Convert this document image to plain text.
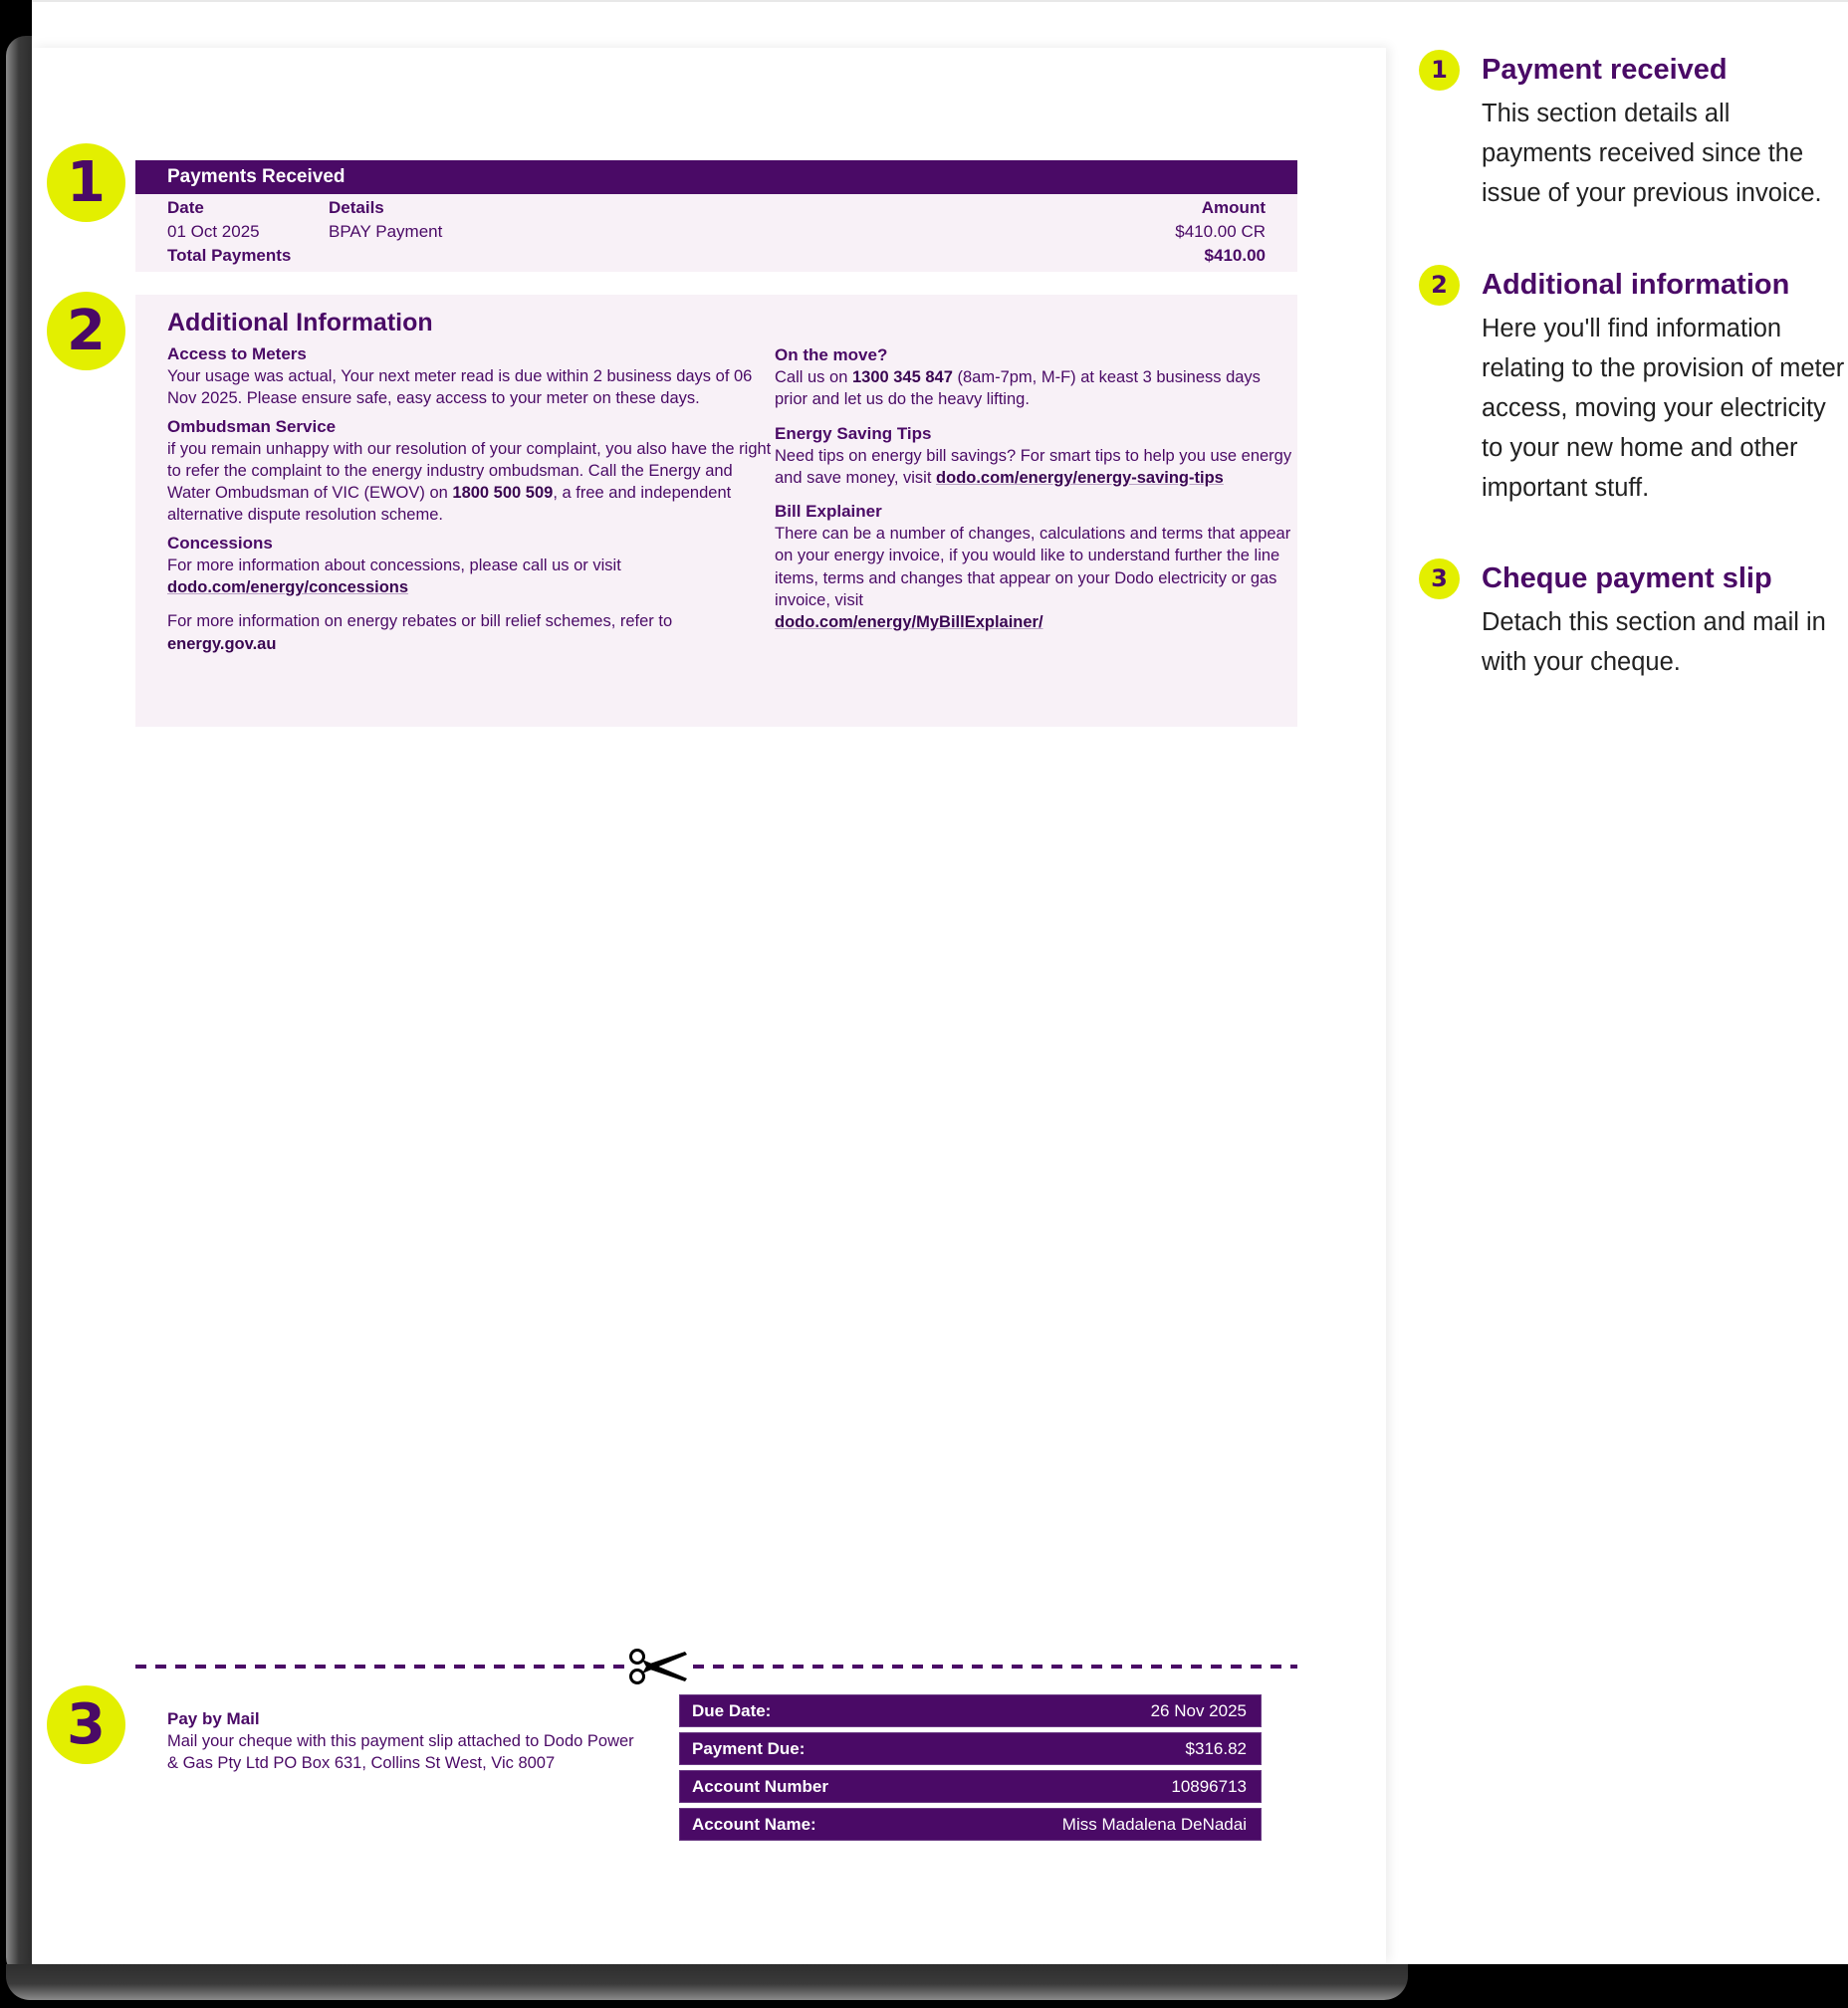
1	Payments Received
Date	Details	Amount
01 Oct 2025	BPAY Payment	$410.00 CR
Total Payments	$410.00
2	Additional Information
Access to Meters
Your usage was actual, Your next meter read is due within 2 business days of 06 Nov 2025. Please ensure safe, easy access to your meter on these days.
Ombudsman Service
if you remain unhappy with our resolution of your complaint, you also have the right to refer the complaint to the energy industry ombudsman. Call the Energy and Water Ombudsman of VIC (EWOV) on 1800 500 509, a free and independent alternative dispute resolution scheme.
Concessions
For more information about concessions, please call us or visit
dodo.com/energy/concessions
For more information on energy rebates or bill relief schemes, refer to
energy.gov.au
On the move?
Call us on 1300 345 847 (8am-7pm, M-F) at keast 3 business days prior and let us do the heavy lifting.
Energy Saving Tips
Need tips on energy bill savings? For smart tips to help you use energy and save money, visit dodo.com/energy/energy-saving-tips
Bill Explainer
There can be a number of changes, calculations and terms that appear on your energy invoice, if you would like to understand further the line items, terms and changes that appear on your Dodo electricity or gas invoice, visit
dodo.com/energy/MyBillExplainer/
3	Pay by Mail
Mail your cheque with this payment slip attached to Dodo Power & Gas Pty Ltd PO Box 631, Collins St West, Vic 8007
Due Date:	26 Nov 2025
Payment Due:	$316.82
Account Number	10896713
Account Name:	Miss Madalena DeNadai
1	Payment received
This section details all payments received since the issue of your previous invoice.
2	Additional information
Here you'll find information relating to the provision of meter access, moving your electricity to your new home and other important stuff.
3	Cheque payment slip
Detach this section and mail in with your cheque.
